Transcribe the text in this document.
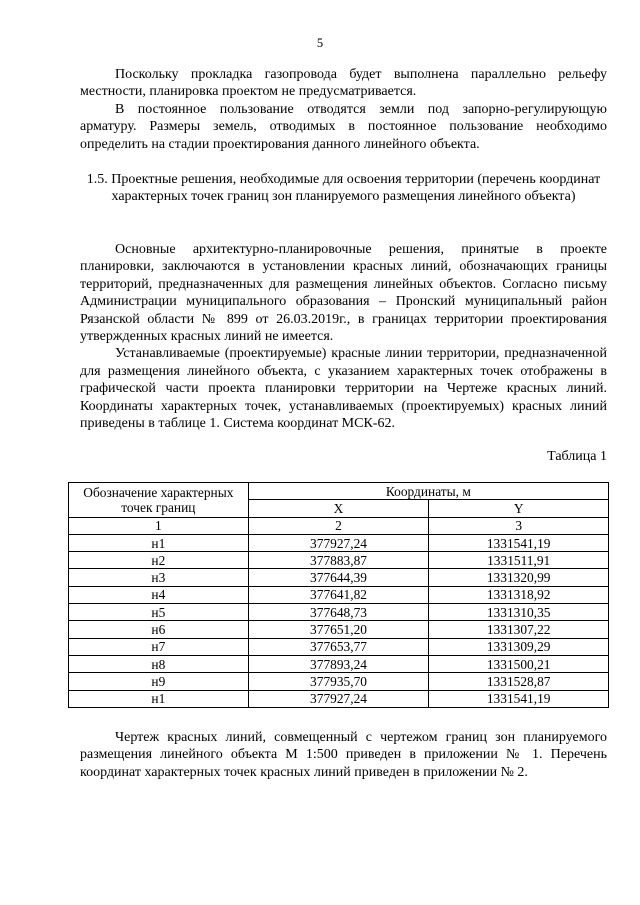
5

Поскольку прокладка газопровода будет выполнена параллельно рельефу местности, планировка проектом не предусматривается.

В постоянное пользование отводятся земли под запорно-регулирующую арматуру. Размеры земель, отводимых в постоянное пользование необходимо определить на стадии проектирования данного линейного объекта.

1.5. Проектные решения, необходимые для освоения территории (перечень координат характерных точек границ зон планируемого размещения линейного объекта)

Основные архитектурно-планировочные решения, принятые в проекте планировки, заключаются в установлении красных линий, обозначающих границы территорий, предназначенных для размещения линейных объектов. Согласно письму Администрации муниципального образования – Пронский муниципальный район Рязанской области № 899 от 26.03.2019г., в границах территории проектирования утвержденных красных линий не имеется.

Устанавливаемые (проектируемые) красные линии территории, предназначенной для размещения линейного объекта, с указанием характерных точек отображены в графической части проекта планировки территории на Чертеже красных линий. Координаты характерных точек, устанавливаемых (проектируемых) красных линий приведены в таблице 1. Система координат МСК-62.

Таблица 1
Обозначение характерных точек границ	Координаты, м	
	X	Y
1	2	3
н1	377927,24	1331541,19
н2	377883,87	1331511,91
н3	377644,39	1331320,99
н4	377641,82	1331318,92
н5	377648,73	1331310,35
н6	377651,20	1331307,22
н7	377653,77	1331309,29
н8	377893,24	1331500,21
н9	377935,70	1331528,87
н1	377927,24	1331541,19

Чертеж красных линий, совмещенный с чертежом границ зон планируемого размещения линейного объекта М 1:500 приведен в приложении № 1. Перечень координат характерных точек красных линий приведен в приложении № 2.
